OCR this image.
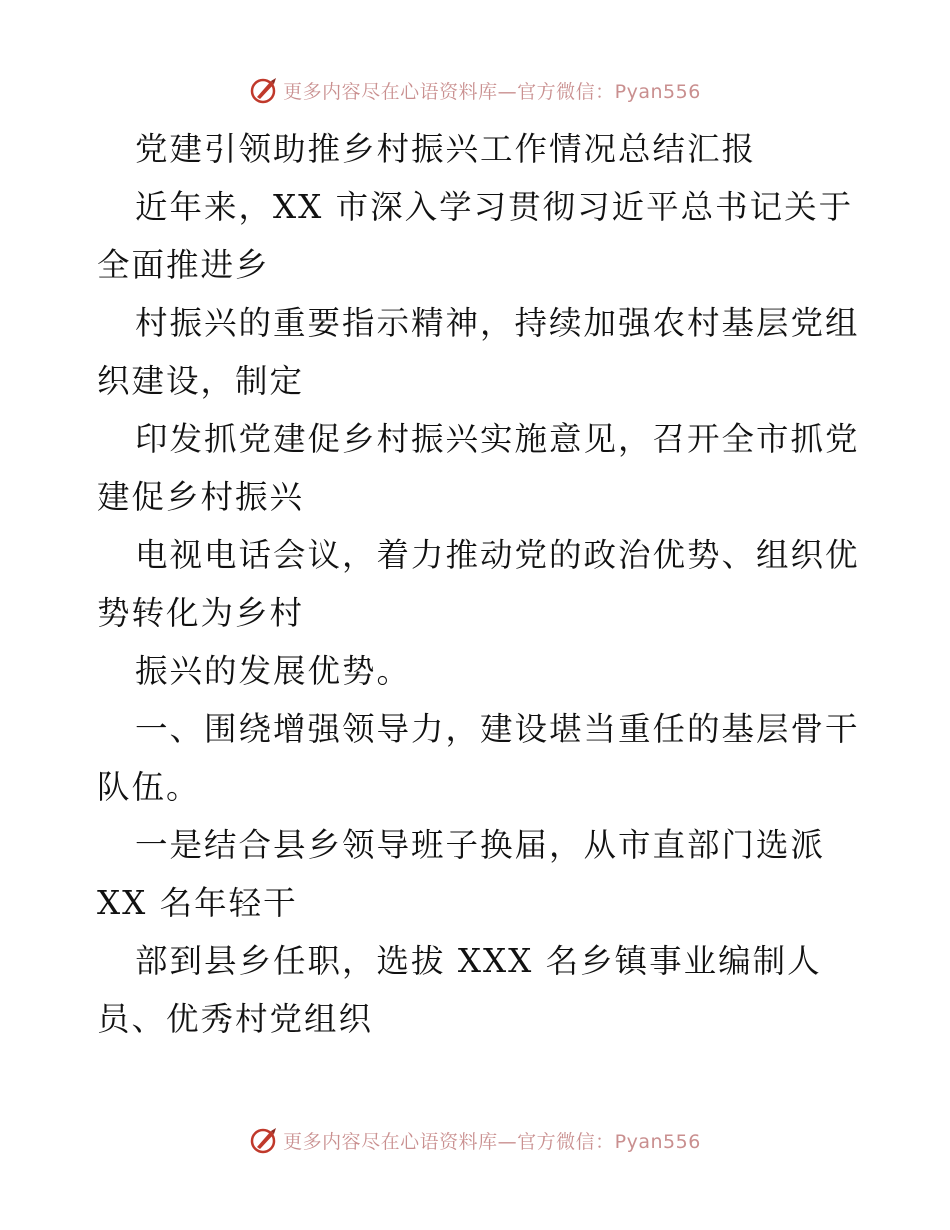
更多内容尽在心语资料库—官方微信：Pyan556
党建引领助推乡村振兴工作情况总结汇报
近年来，XX 市深入学习贯彻习近平总书记关于
全面推进乡
村振兴的重要指示精神，持续加强农村基层党组
织建设，制定
印发抓党建促乡村振兴实施意见，召开全市抓党
建促乡村振兴
电视电话会议，着力推动党的政治优势、组织优
势转化为乡村
振兴的发展优势。
一、围绕增强领导力，建设堪当重任的基层骨干
队伍。
一是结合县乡领导班子换届，从市直部门选派
XX 名年轻干
部到县乡任职，选拔 XXX 名乡镇事业编制人
员、优秀村党组织
更多内容尽在心语资料库—官方微信：Pyan556
